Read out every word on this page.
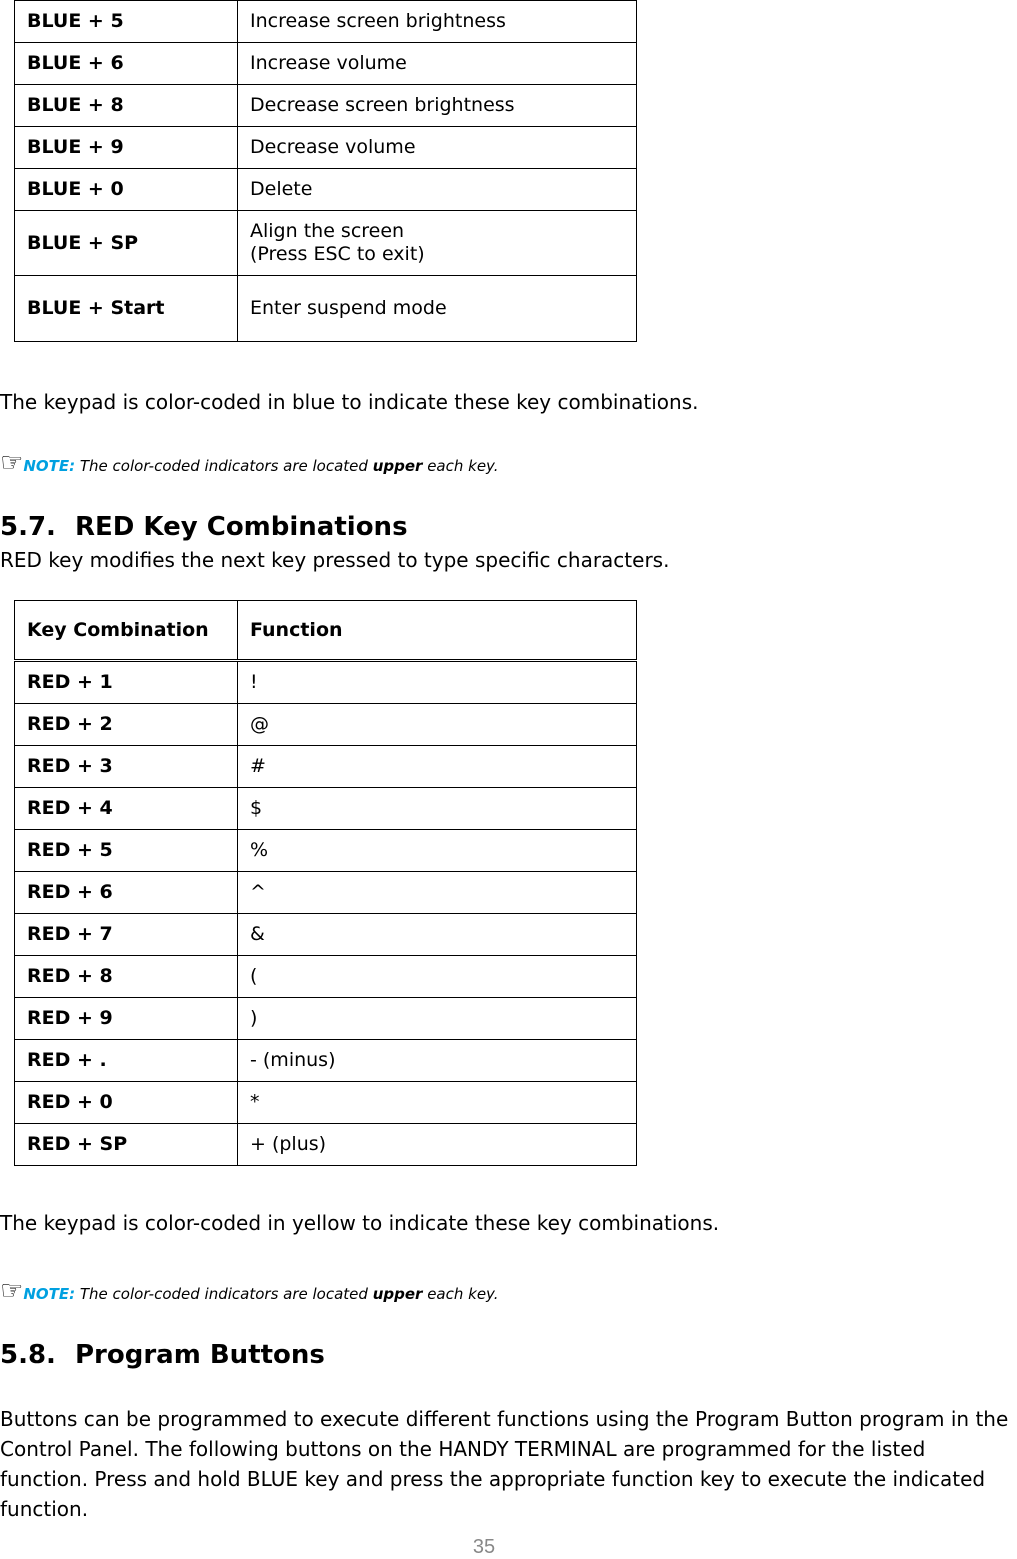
BLUE + 5	Increase screen brightness
BLUE + 6	Increase volume
BLUE + 8	Decrease screen brightness
BLUE + 9	Decrease volume
BLUE + 0	Delete
BLUE + SP	Align the screen
(Press ESC to exit)

BLUE + Start	Enter suspend mode
The keypad is color-coded in blue to indicate these key combinations.
☞NOTE: The color-coded indicators are located upper each key.
5.7. RED Key Combinations
RED key modifies the next key pressed to type specific characters.
Key Combination	Function
RED + 1	!
RED + 2	@
RED + 3	#
RED + 4	$
RED + 5	%
RED + 6	^
RED + 7	&
RED + 8	(
RED + 9	)
RED + .	- (minus)
RED + 0	*
RED + SP	+ (plus)
The keypad is color-coded in yellow to indicate these key combinations.
☞NOTE: The color-coded indicators are located upper each key.
5.8. Program Buttons
Buttons can be programmed to execute different functions using the Program Button program in the Control Panel. The following buttons on the HANDY TERMINAL are programmed for the listed function. Press and hold BLUE key and press the appropriate function key to execute the indicated function.
35
